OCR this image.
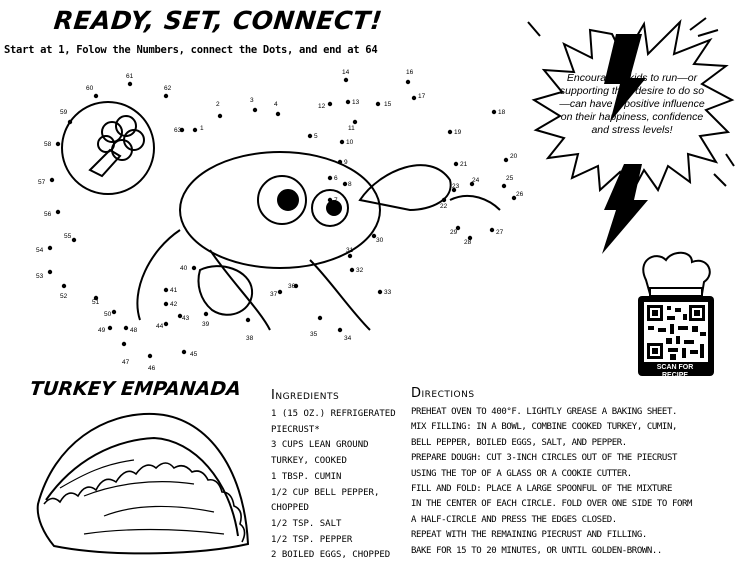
READY, SET, CONNECT!
Start at 1, Folow the Numbers, connect the Dots, and end at 64
Encouraging kids to run—or supporting their desire to do so—can have a positive influence on their happiness, confidence and stress levels!
1
2
3
4
5
6
7
8
9
10
11
12
13
14
15
16
17
18
19
20
21
22
23
24	25
26
27
28
29
30
31
32
33
34
35
36
37
38
39
40
41
42
43
44
45
46
47
48
49
50
51
52
53
54
55
56
57
58
59
60
61
62
63
SCAN FOR
RECIPE
TURKEY EMPANADA Ingredients
1 (15 OZ.) REFRIGERATED
PIECRUST*
3 CUPS LEAN GROUND
TURKEY, COOKED
1 TBSP. CUMIN
1/2 CUP BELL PEPPER,
CHOPPED
1/2 TSP. SALT
1/2 TSP. PEPPER
2 BOILED EGGS, CHOPPED
Directions
PREHEAT OVEN TO 400°F. LIGHTLY GREASE A BAKING SHEET.
MIX FILLING: IN A BOWL, COMBINE COOKED TURKEY, CUMIN,
BELL PEPPER, BOILED EGGS, SALT, AND PEPPER.
PREPARE DOUGH: CUT 3-INCH CIRCLES OUT OF THE PIECRUST
USING THE TOP OF A GLASS OR A COOKIE CUTTER.
FILL AND FOLD: PLACE A LARGE SPOONFUL OF THE MIXTURE
IN THE CENTER OF EACH CIRCLE. FOLD OVER ONE SIDE TO FORM
A HALF-CIRCLE AND PRESS THE EDGES CLOSED.
REPEAT WITH THE REMAINING PIECRUST AND FILLING.
BAKE FOR 15 TO 20 MINUTES, OR UNTIL GOLDEN-BROWN..
